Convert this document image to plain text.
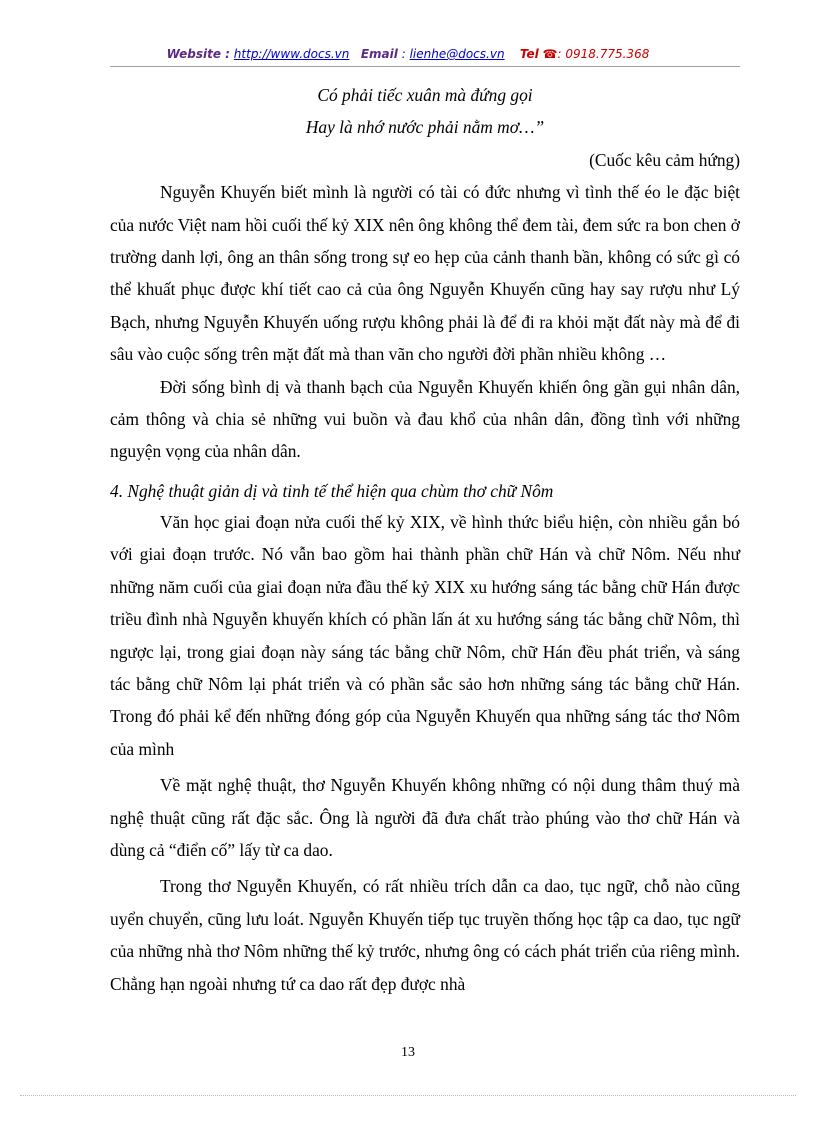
Website : http://www.docs.vn Email : lienhe@docs.vn Tel ☎: 0918.775.368

Có phải tiếc xuân mà đứng gọi

Hay là nhớ nước phải nằm mơ…”

(Cuốc kêu cảm hứng)

Nguyễn Khuyến biết mình là người có tài có đức nhưng vì tình thế éo le đặc biệt của nước Việt nam hồi cuối thế kỷ XIX nên ông không thể đem tài, đem sức ra bon chen ở trường danh lợi, ông an thân sống trong sự eo hẹp của cảnh thanh bần, không có sức gì có thể khuất phục được khí tiết cao cả của ông Nguyễn Khuyến cũng hay say rượu như Lý Bạch, nhưng Nguyễn Khuyến uống rượu không phải là để đi ra khỏi mặt đất này mà để đi sâu vào cuộc sống trên mặt đất mà than vãn cho người đời phần nhiều không …

Đời sống bình dị và thanh bạch của Nguyễn Khuyến khiến ông gần gụi nhân dân, cảm thông và chia sẻ những vui buồn và đau khổ của nhân dân, đồng tình với những nguyện vọng của nhân dân.

4. Nghệ thuật giản dị và tinh tế thể hiện qua chùm thơ chữ Nôm

Văn học giai đoạn nửa cuối thế kỷ XIX, về hình thức biểu hiện, còn nhiều gắn bó với giai đoạn trước. Nó vẫn bao gồm hai thành phần chữ Hán và chữ Nôm. Nếu như những năm cuối của giai đoạn nửa đầu thế kỷ XIX xu hướng sáng tác bằng chữ Hán được triều đình nhà Nguyễn khuyến khích có phần lấn át xu hướng sáng tác bằng chữ Nôm, thì ngược lại, trong giai đoạn này sáng tác bằng chữ Nôm, chữ Hán đều phát triển, và sáng tác bằng chữ Nôm lại phát triển và có phần sắc sảo hơn những sáng tác bằng chữ Hán. Trong đó phải kể đến những đóng góp của Nguyễn Khuyến qua những sáng tác thơ Nôm của mình

Về mặt nghệ thuật, thơ Nguyễn Khuyến không những có nội dung thâm thuý mà nghệ thuật cũng rất đặc sắc. Ông là người đã đưa chất trào phúng vào thơ chữ Hán và dùng cả “điển cố” lấy từ ca dao.

Trong thơ Nguyễn Khuyến, có rất nhiều trích dẫn ca dao, tục ngữ, chỗ nào cũng uyển chuyển, cũng lưu loát. Nguyễn Khuyến tiếp tục truyền thống học tập ca dao, tục ngữ của những nhà thơ Nôm những thế kỷ trước, nhưng ông có cách phát triển của riêng mình. Chẳng hạn ngoài nhưng tứ ca dao rất đẹp được nhà

13
